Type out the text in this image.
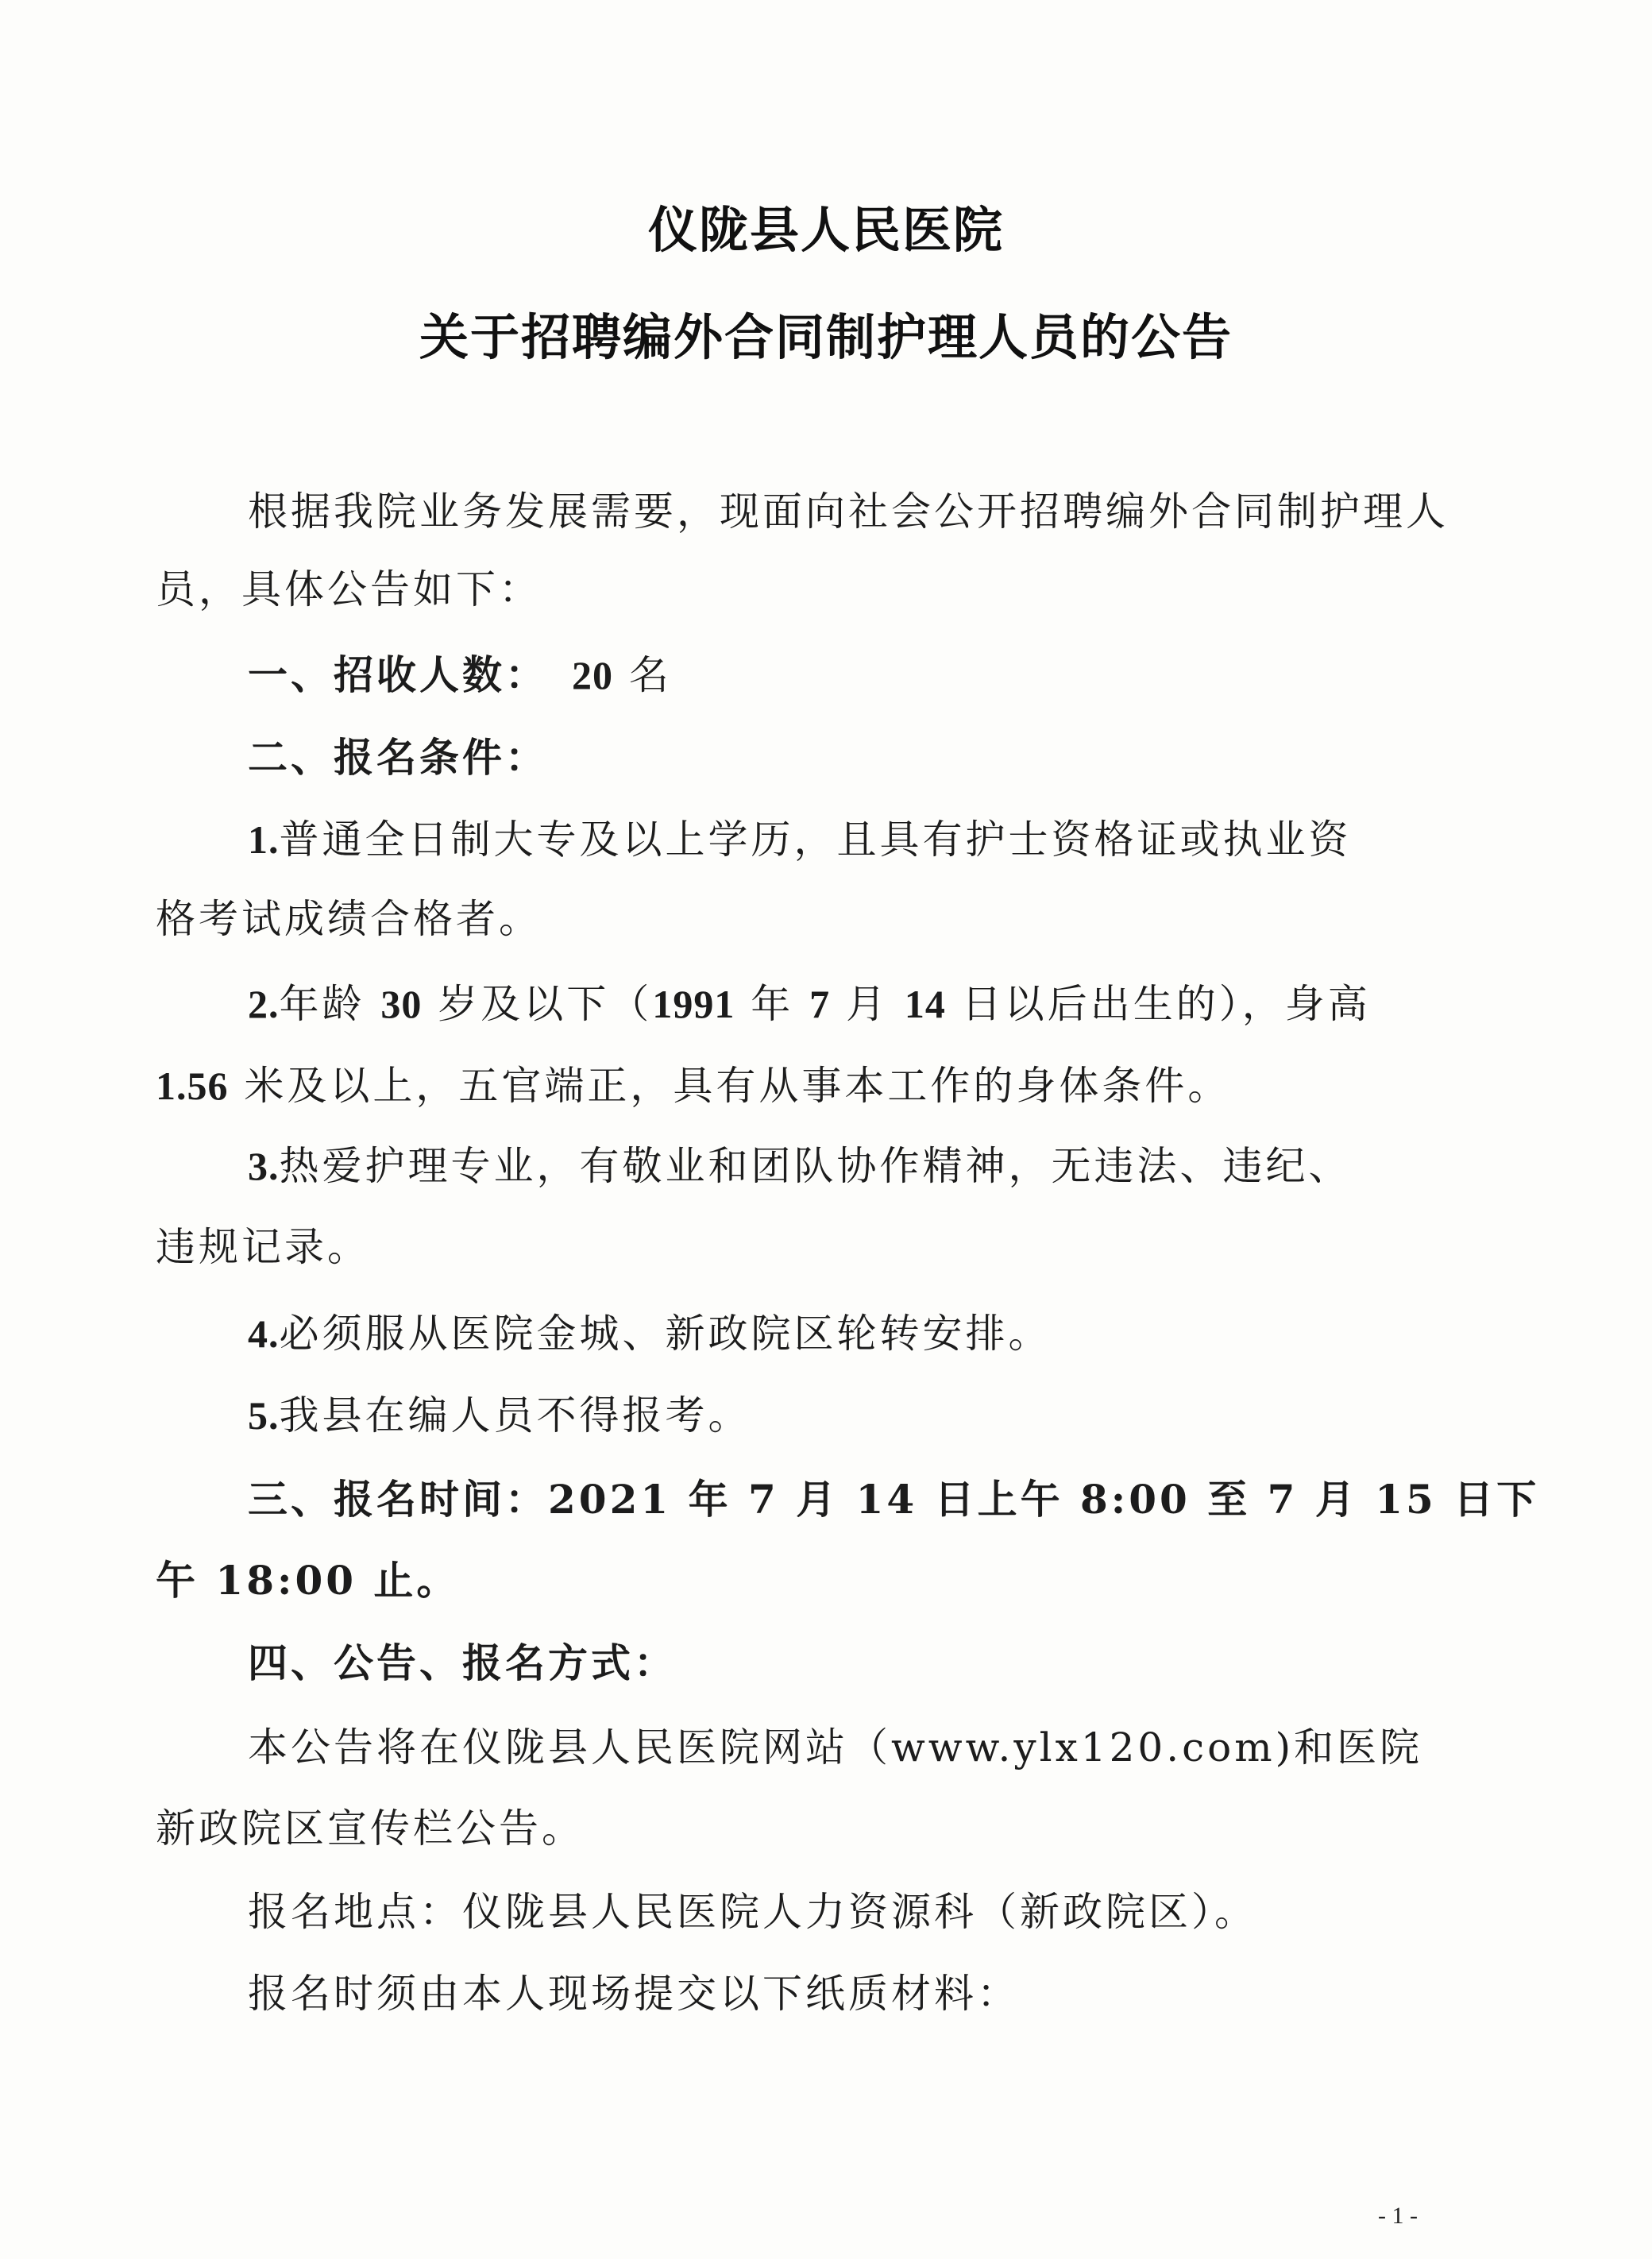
仪陇县人民医院
关于招聘编外合同制护理人员的公告
根据我院业务发展需要，现面向社会公开招聘编外合同制护理人
员，具体公告如下：
一、招收人数： 20 名
二、报名条件：
1.普通全日制大专及以上学历，且具有护士资格证或执业资
格考试成绩合格者。
2.年龄 30 岁及以下（1991 年 7 月 14 日以后出生的），身高
1.56 米及以上，五官端正，具有从事本工作的身体条件。
3.热爱护理专业，有敬业和团队协作精神，无违法、违纪、
违规记录。
4.必须服从医院金城、新政院区轮转安排。
5.我县在编人员不得报考。
三、报名时间：2021 年 7 月 14 日上午 8:00 至 7 月 15 日下
午 18:00 止。
四、公告、报名方式：
本公告将在仪陇县人民医院网站（www.ylx120.com)和医院
新政院区宣传栏公告。
报名地点：仪陇县人民医院人力资源科（新政院区）。
报名时须由本人现场提交以下纸质材料：
- 1 -
